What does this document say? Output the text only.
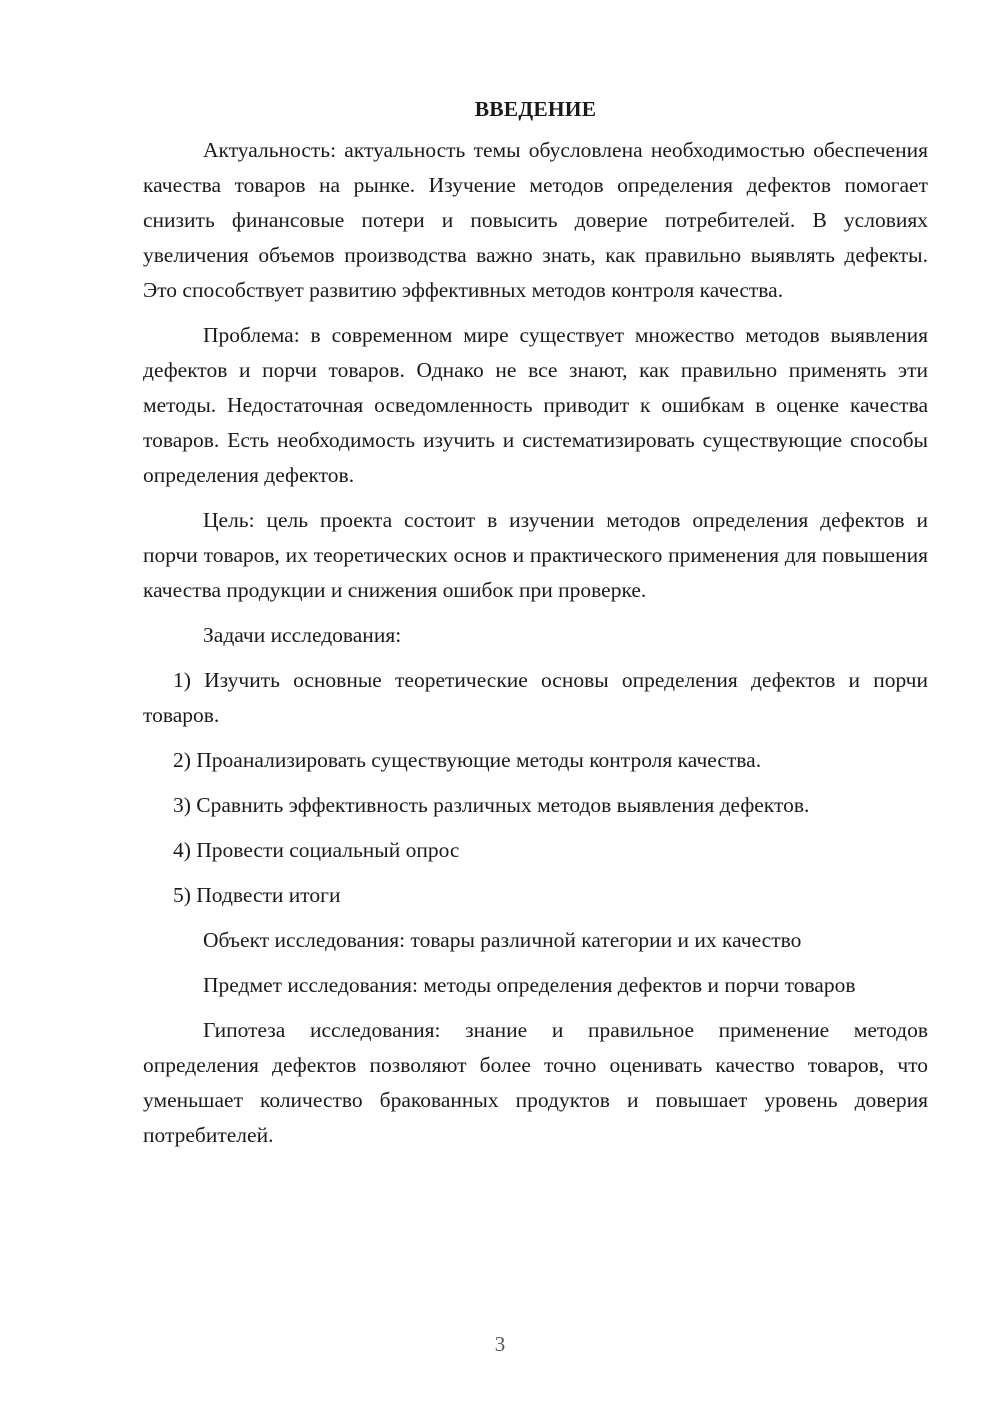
ВВЕДЕНИЕ
Актуальность: актуальность темы обусловлена необходимостью обеспечения качества товаров на рынке. Изучение методов определения дефектов помогает снизить финансовые потери и повысить доверие потребителей. В условиях увеличения объемов производства важно знать, как правильно выявлять дефекты. Это способствует развитию эффективных методов контроля качества.
Проблема: в современном мире существует множество методов выявления дефектов и порчи товаров. Однако не все знают, как правильно применять эти методы. Недостаточная осведомленность приводит к ошибкам в оценке качества товаров. Есть необходимость изучить и систематизировать существующие способы определения дефектов.
Цель: цель проекта состоит в изучении методов определения дефектов и порчи товаров, их теоретических основ и практического применения для повышения качества продукции и снижения ошибок при проверке.
Задачи исследования:
1) Изучить основные теоретические основы определения дефектов и порчи товаров.
2) Проанализировать существующие методы контроля качества.
3) Сравнить эффективность различных методов выявления дефектов.
4) Провести социальный опрос
5) Подвести итоги
Объект исследования: товары различной категории и их качество
Предмет исследования: методы определения дефектов и порчи товаров
Гипотеза исследования: знание и правильное применение методов определения дефектов позволяют более точно оценивать качество товаров, что уменьшает количество бракованных продуктов и повышает уровень доверия потребителей.
3
